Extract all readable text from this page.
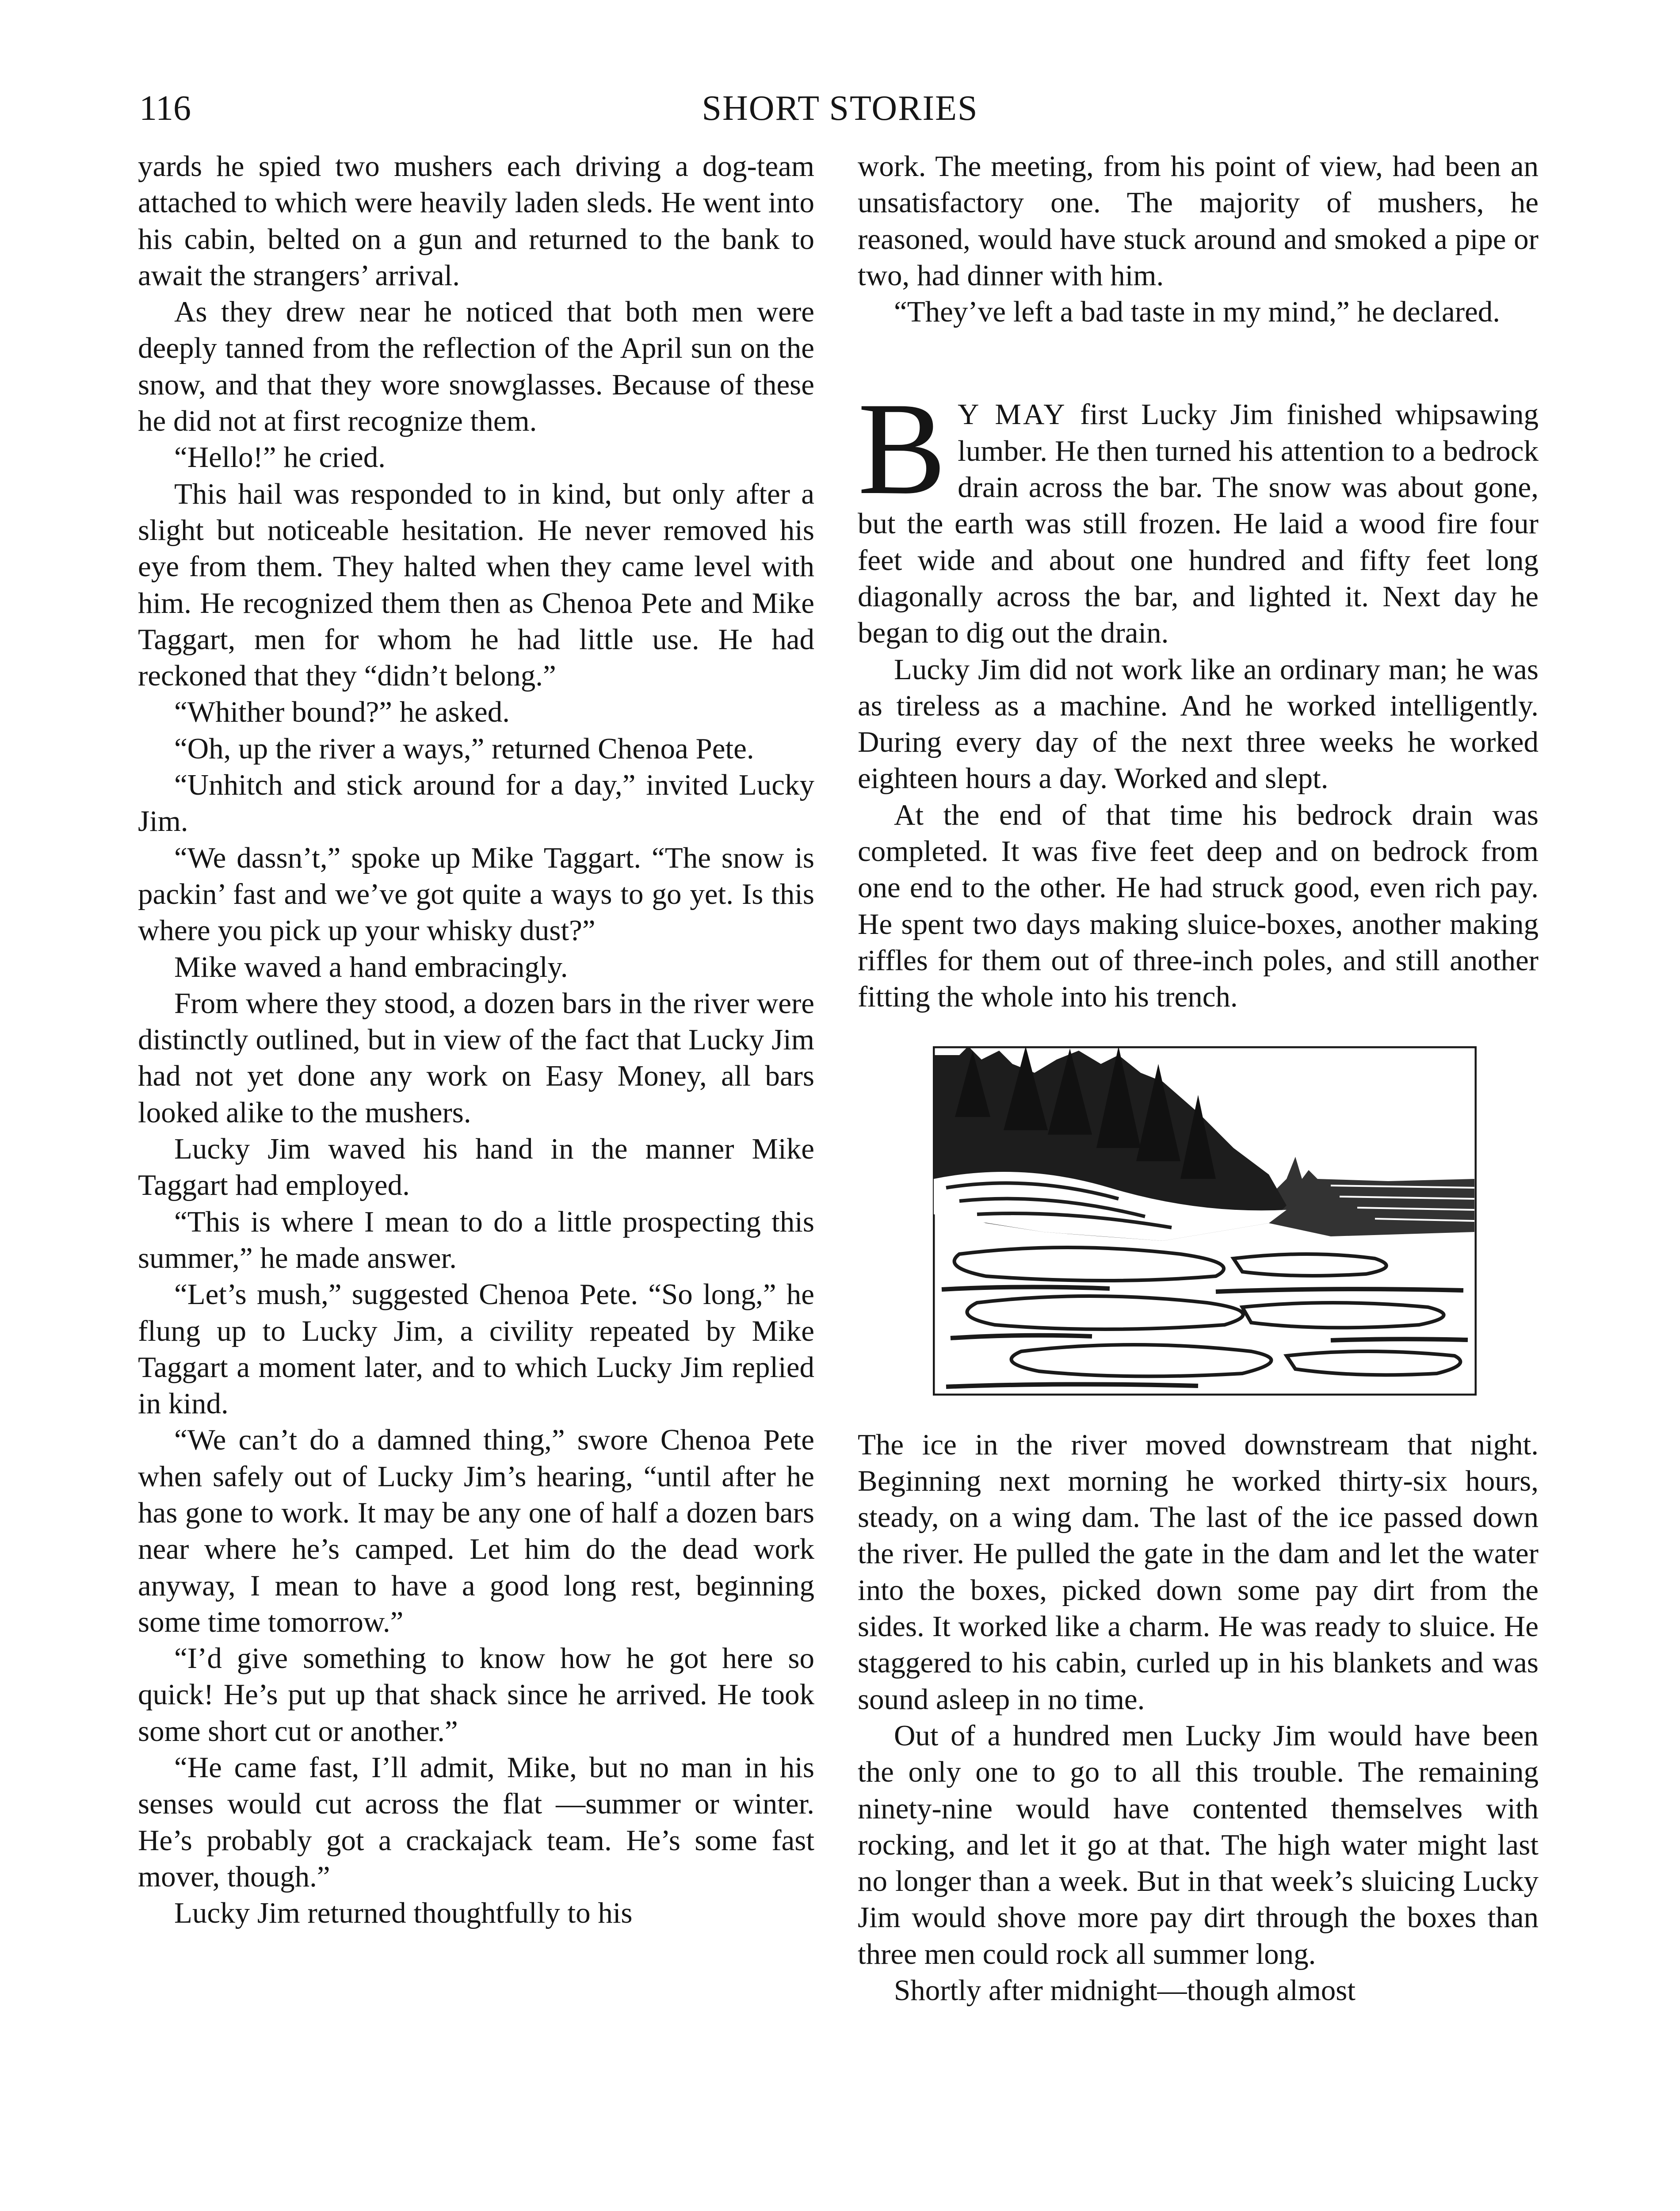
116	SHORT STORIES

yards he spied two mushers each driving a dog-team attached to which were heavily laden sleds. He went into his cabin, belted on a gun and returned to the bank to await the strangers’ arrival.

As they drew near he noticed that both men were deeply tanned from the reflection of the April sun on the snow, and that they wore snowglasses. Because of these he did not at first recognize them.

“Hello!” he cried.

This hail was responded to in kind, but only after a slight but noticeable hesitation. He never removed his eye from them. They halted when they came level with him. He recognized them then as Chenoa Pete and Mike Taggart, men for whom he had little use. He had reckoned that they “didn’t belong.”

“Whither bound?” he asked.

“Oh, up the river a ways,” returned Chenoa Pete.

“Unhitch and stick around for a day,” invited Lucky Jim.

“We dassn’t,” spoke up Mike Taggart. “The snow is packin’ fast and we’ve got quite a ways to go yet. Is this where you pick up your whisky dust?”

Mike waved a hand embracingly.

From where they stood, a dozen bars in the river were distinctly outlined, but in view of the fact that Lucky Jim had not yet done any work on Easy Money, all bars looked alike to the mushers.

Lucky Jim waved his hand in the manner Mike Taggart had employed.

“This is where I mean to do a little prospecting this summer,” he made answer.

“Let’s mush,” suggested Chenoa Pete. “So long,” he flung up to Lucky Jim, a civility repeated by Mike Taggart a moment later, and to which Lucky Jim replied in kind.

“We can’t do a damned thing,” swore Chenoa Pete when safely out of Lucky Jim’s hearing, “until after he has gone to work. It may be any one of half a dozen bars near where he’s camped. Let him do the dead work anyway, I mean to have a good long rest, beginning some time tomorrow.”

“I’d give something to know how he got here so quick! He’s put up that shack since he arrived. He took some short cut or another.”

“He came fast, I’ll admit, Mike, but no man in his senses would cut across the flat —summer or winter. He’s probably got a crackajack team. He’s some fast mover, though.”

Lucky Jim returned thoughtfully to his

work. The meeting, from his point of view, had been an unsatisfactory one. The majority of mushers, he reasoned, would have stuck around and smoked a pipe or two, had dinner with him.

“They’ve left a bad taste in my mind,” he declared.

B Y MAY first Lucky Jim finished whipsawing lumber. He then turned his attention to a bedrock drain across the bar. The snow was about gone, but the earth was still frozen. He laid a wood fire four feet wide and about one hundred and fifty feet long diagonally across the bar, and lighted it. Next day he began to dig out the drain.

Lucky Jim did not work like an ordinary man; he was as tireless as a machine. And he worked intelligently. During every day of the next three weeks he worked eighteen hours a day. Worked and slept.

At the end of that time his bedrock drain was completed. It was five feet deep and on bedrock from one end to the other. He had struck good, even rich pay. He spent two days making sluice-boxes, another making riffles for them out of three-inch poles, and still another fitting the whole into his trench.

The ice in the river moved downstream that night. Beginning next morning he worked thirty-six hours, steady, on a wing dam. The last of the ice passed down the river. He pulled the gate in the dam and let the water into the boxes, picked down some pay dirt from the sides. It worked like a charm. He was ready to sluice. He staggered to his cabin, curled up in his blankets and was sound asleep in no time.

Out of a hundred men Lucky Jim would have been the only one to go to all this trouble. The remaining ninety-nine would have contented themselves with rocking, and let it go at that. The high water might last no longer than a week. But in that week’s sluicing Lucky Jim would shove more pay dirt through the boxes than three men could rock all summer long.

Shortly after midnight—though almost
